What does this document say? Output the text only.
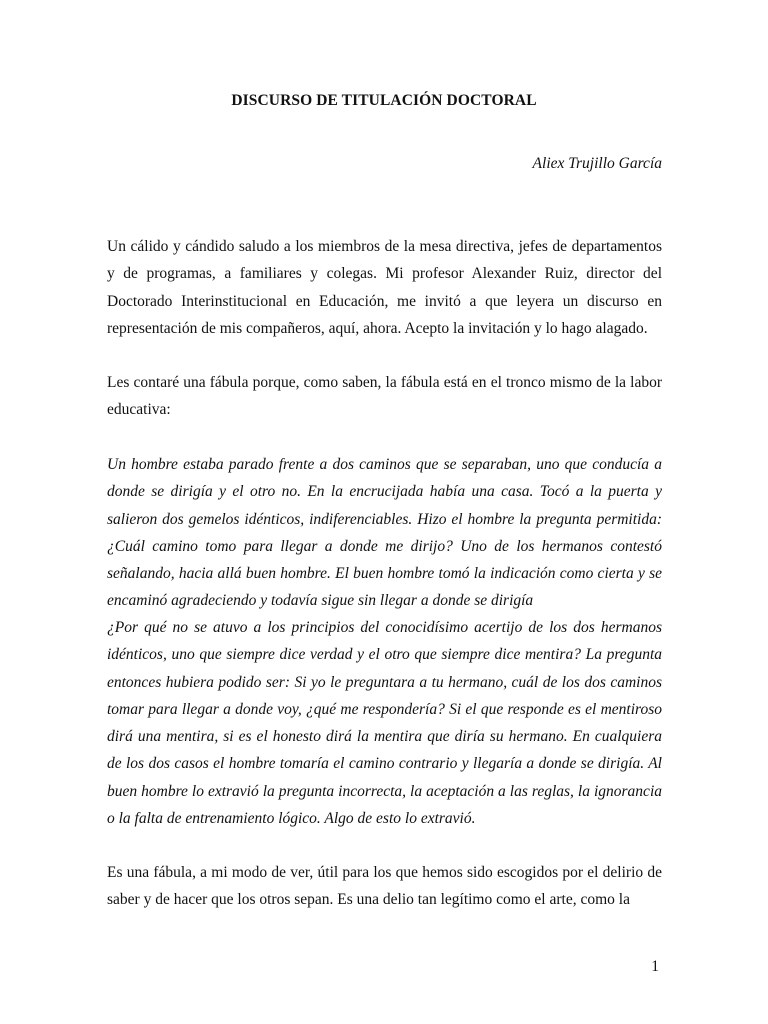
DISCURSO DE TITULACIÓN DOCTORAL
Aliex Trujillo García

Un cálido y cándido saludo a los miembros de la mesa directiva, jefes de departamentos y de programas, a familiares y colegas. Mi profesor Alexander Ruiz, director del Doctorado Interinstitucional en Educación, me invitó a que leyera un discurso en representación de mis compañeros, aquí, ahora. Acepto la invitación y lo hago alagado.

Les contaré una fábula porque, como saben, la fábula está en el tronco mismo de la labor educativa:

Un hombre estaba parado frente a dos caminos que se separaban, uno que conducía a donde se dirigía y el otro no. En la encrucijada había una casa. Tocó a la puerta y salieron dos gemelos idénticos, indiferenciables. Hizo el hombre la pregunta permitida: ¿Cuál camino tomo para llegar a donde me dirijo? Uno de los hermanos contestó señalando, hacia allá buen hombre. El buen hombre tomó la indicación como cierta y se encaminó agradeciendo y todavía sigue sin llegar a donde se dirigía

¿Por qué no se atuvo a los principios del conocidísimo acertijo de los dos hermanos idénticos, uno que siempre dice verdad y el otro que siempre dice mentira? La pregunta entonces hubiera podido ser: Si yo le preguntara a tu hermano, cuál de los dos caminos tomar para llegar a donde voy, ¿qué me respondería? Si el que responde es el mentiroso dirá una mentira, si es el honesto dirá la mentira que diría su hermano. En cualquiera de los dos casos el hombre tomaría el camino contrario y llegaría a donde se dirigía. Al buen hombre lo extravió la pregunta incorrecta, la aceptación a las reglas, la ignorancia o la falta de entrenamiento lógico. Algo de esto lo extravió.

Es una fábula, a mi modo de ver, útil para los que hemos sido escogidos por el delirio de saber y de hacer que los otros sepan. Es una delio tan legítimo como el arte, como la

1
